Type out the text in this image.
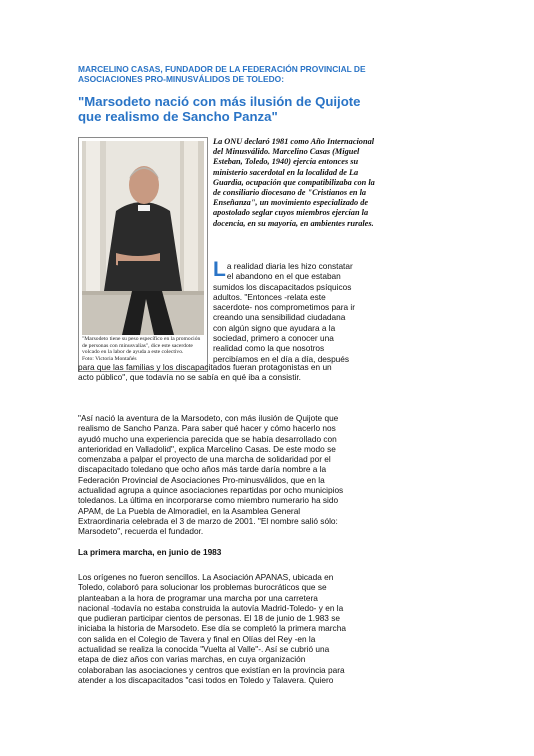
MARCELINO CASAS, FUNDADOR DE LA FEDERACIÓN PROVINCIAL DE ASOCIACIONES PRO-MINUSVÁLIDOS DE TOLEDO:
"Marsodeto nació con más ilusión de Quijote que realismo de Sancho Panza"
"Marsodeto tiene su peso específico en la promoción de personas con minusvalías", dice este sacerdote volcado en la labor de ayuda a este colectivo.
Foto: Victoria Montañés
La ONU declaró 1981 como Año Internacional del Minusválido. Marcelino Casas (Miguel Esteban, Toledo, 1940) ejercía entonces su ministerio sacerdotal en la localidad de La Guardia, ocupación que compatibilizaba con la de consiliario diocesano de "Cristianos en la Enseñanza", un movimiento especializado de apostolado seglar cuyos miembros ejercían la docencia, en su mayoría, en ambientes rurales.
L a realidad diaria les hizo constatar
el abandono en el que estaban
sumidos los discapacitados psíquicos
adultos. "Entonces -relata este
sacerdote- nos comprometimos para ir
creando una sensibilidad ciudadana
con algún signo que ayudara a la
sociedad, primero a conocer una
realidad como la que nosotros
percibíamos en el día a día, después
para que las familias y los discapacitados fueran protagonistas en un
acto público", que todavía no se sabía en qué iba a consistir.
"Así nació la aventura de la Marsodeto, con más ilusión de Quijote que
realismo de Sancho Panza. Para saber qué hacer y cómo hacerlo nos
ayudó mucho una experiencia parecida que se había desarrollado con
anterioridad en Valladolid", explica Marcelino Casas. De este modo se
comenzaba a palpar el proyecto de una marcha de solidaridad por el
discapacitado toledano que ocho años más tarde daría nombre a la
Federación Provincial de Asociaciones Pro-minusválidos, que en la
actualidad agrupa a quince asociaciones repartidas por ocho municipios
toledanos. La última en incorporarse como miembro numerario ha sido
APAM, de La Puebla de Almoradiel, en la Asamblea General
Extraordinaria celebrada el 3 de marzo de 2001. "El nombre salió sólo:
Marsodeto", recuerda el fundador.
La primera marcha, en junio de 1983
Los orígenes no fueron sencillos. La Asociación APANAS, ubicada en
Toledo, colaboró para solucionar los problemas burocráticos que se
planteaban a la hora de programar una marcha por una carretera
nacional -todavía no estaba construida la autovía Madrid-Toledo- y en la
que pudieran participar cientos de personas. El 18 de junio de 1.983 se
iniciaba la historia de Marsodeto. Ese día se completó la primera marcha
con salida en el Colegio de Tavera y final en Olías del Rey -en la
actualidad se realiza la conocida "Vuelta al Valle"-. Así se cubrió una
etapa de diez años con varias marchas, en cuya organización
colaboraban las asociaciones y centros que existían en la provincia para
atender a los discapacitados "casi todos en Toledo y Talavera. Quiero
